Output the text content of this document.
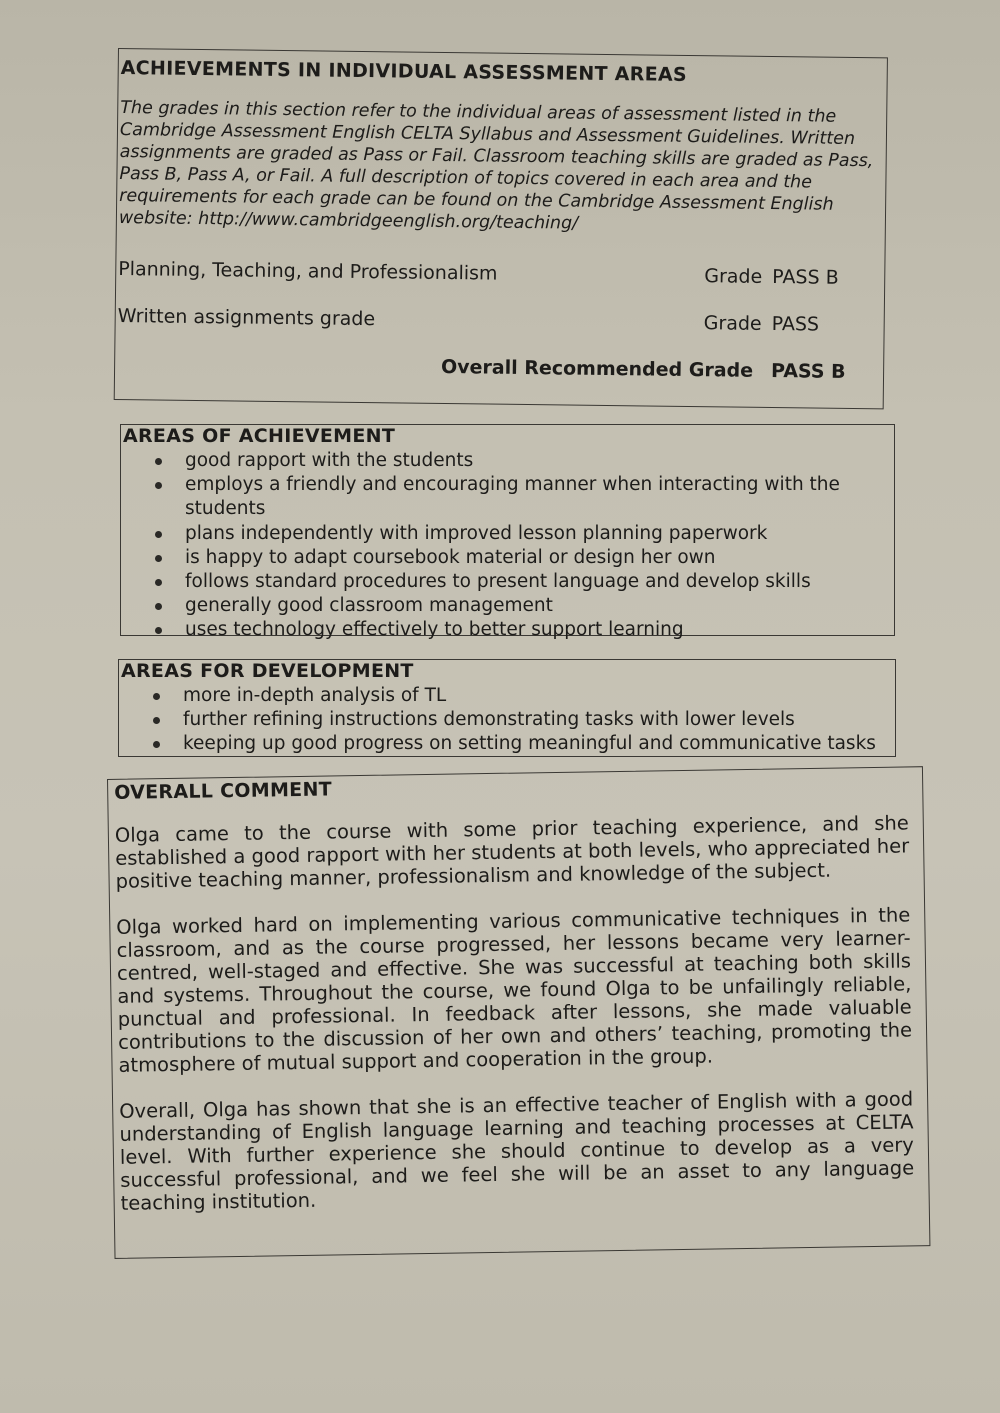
ACHIEVEMENTS IN INDIVIDUAL ASSESSMENT AREAS

The grades in this section refer to the individual areas of assessment listed in the Cambridge Assessment English CELTA Syllabus and Assessment Guidelines. Written assignments are graded as Pass or Fail. Classroom teaching skills are graded as Pass, Pass B, Pass A, or Fail. A full description of topics covered in each area and the requirements for each grade can be found on the Cambridge Assessment English website: http://www.cambridgeenglish.org/teaching/

Planning, Teaching, and Professionalism	Grade PASS B
Written assignments grade	Grade PASS
Overall Recommended Grade PASS B
AREAS OF ACHIEVEMENT
good rapport with the students
employs a friendly and encouraging manner when interacting with the students
plans independently with improved lesson planning paperwork
is happy to adapt coursebook material or design her own
follows standard procedures to present language and develop skills
generally good classroom management
uses technology effectively to better support learning
AREAS FOR DEVELOPMENT
more in-depth analysis of TL
further refining instructions demonstrating tasks with lower levels
keeping up good progress on setting meaningful and communicative tasks
OVERALL COMMENT

Olga came to the course with some prior teaching experience, and she established a good rapport with her students at both levels, who appreciated her positive teaching manner, professionalism and knowledge of the subject.

Olga worked hard on implementing various communicative techniques in the classroom, and as the course progressed, her lessons became very learner-centred, well-staged and effective. She was successful at teaching both skills and systems. Throughout the course, we found Olga to be unfailingly reliable, punctual and professional. In feedback after lessons, she made valuable contributions to the discussion of her own and others’ teaching, promoting the atmosphere of mutual support and cooperation in the group.

Overall, Olga has shown that she is an effective teacher of English with a good understanding of English language learning and teaching processes at CELTA level. With further experience she should continue to develop as a very successful professional, and we feel she will be an asset to any language teaching institution.
